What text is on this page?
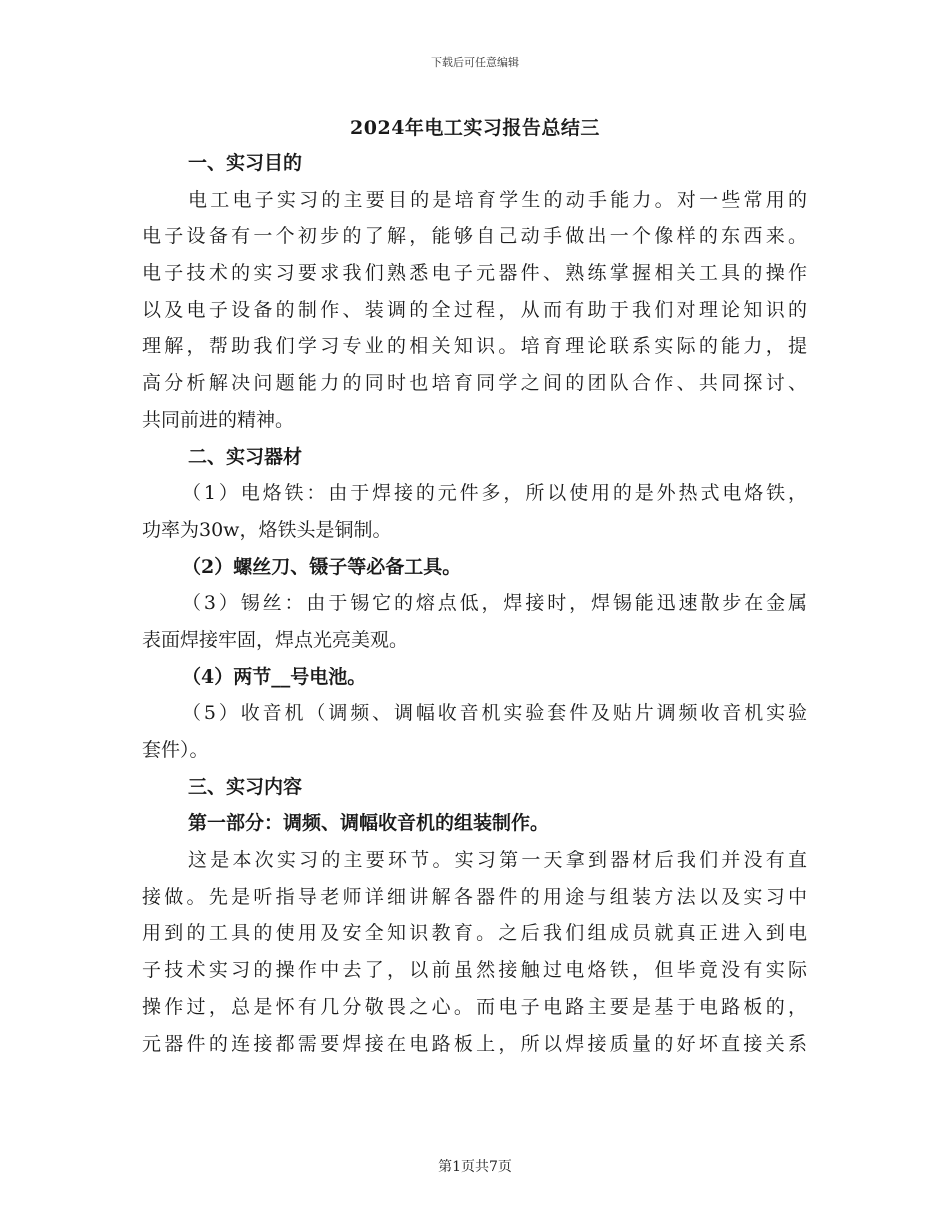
下载后可任意编辑
2024年电工实习报告总结三
一、实习目的
电工电子实习的主要目的是培育学生的动手能力。对一些常用的
电子设备有一个初步的了解，能够自己动手做出一个像样的东西来。
电子技术的实习要求我们熟悉电子元器件、熟练掌握相关工具的操作
以及电子设备的制作、装调的全过程，从而有助于我们对理论知识的
理解，帮助我们学习专业的相关知识。培育理论联系实际的能力，提
高分析解决问题能力的同时也培育同学之间的团队合作、共同探讨、
共同前进的精神。
二、实习器材
（1）电烙铁：由于焊接的元件多，所以使用的是外热式电烙铁，
功率为30w，烙铁头是铜制。
（2）螺丝刀、镊子等必备工具。
（3）锡丝：由于锡它的熔点低，焊接时，焊锡能迅速散步在金属
表面焊接牢固，焊点光亮美观。
（4）两节__号电池。
（5）收音机（调频、调幅收音机实验套件及贴片调频收音机实验
套件）。
三、实习内容
第一部分：调频、调幅收音机的组装制作。
这是本次实习的主要环节。实习第一天拿到器材后我们并没有直
接做。先是听指导老师详细讲解各器件的用途与组装方法以及实习中
用到的工具的使用及安全知识教育。之后我们组成员就真正进入到电
子技术实习的操作中去了，以前虽然接触过电烙铁，但毕竟没有实际
操作过，总是怀有几分敬畏之心。而电子电路主要是基于电路板的，
元器件的连接都需要焊接在电路板上，所以焊接质量的好坏直接关系
第1页共7页
